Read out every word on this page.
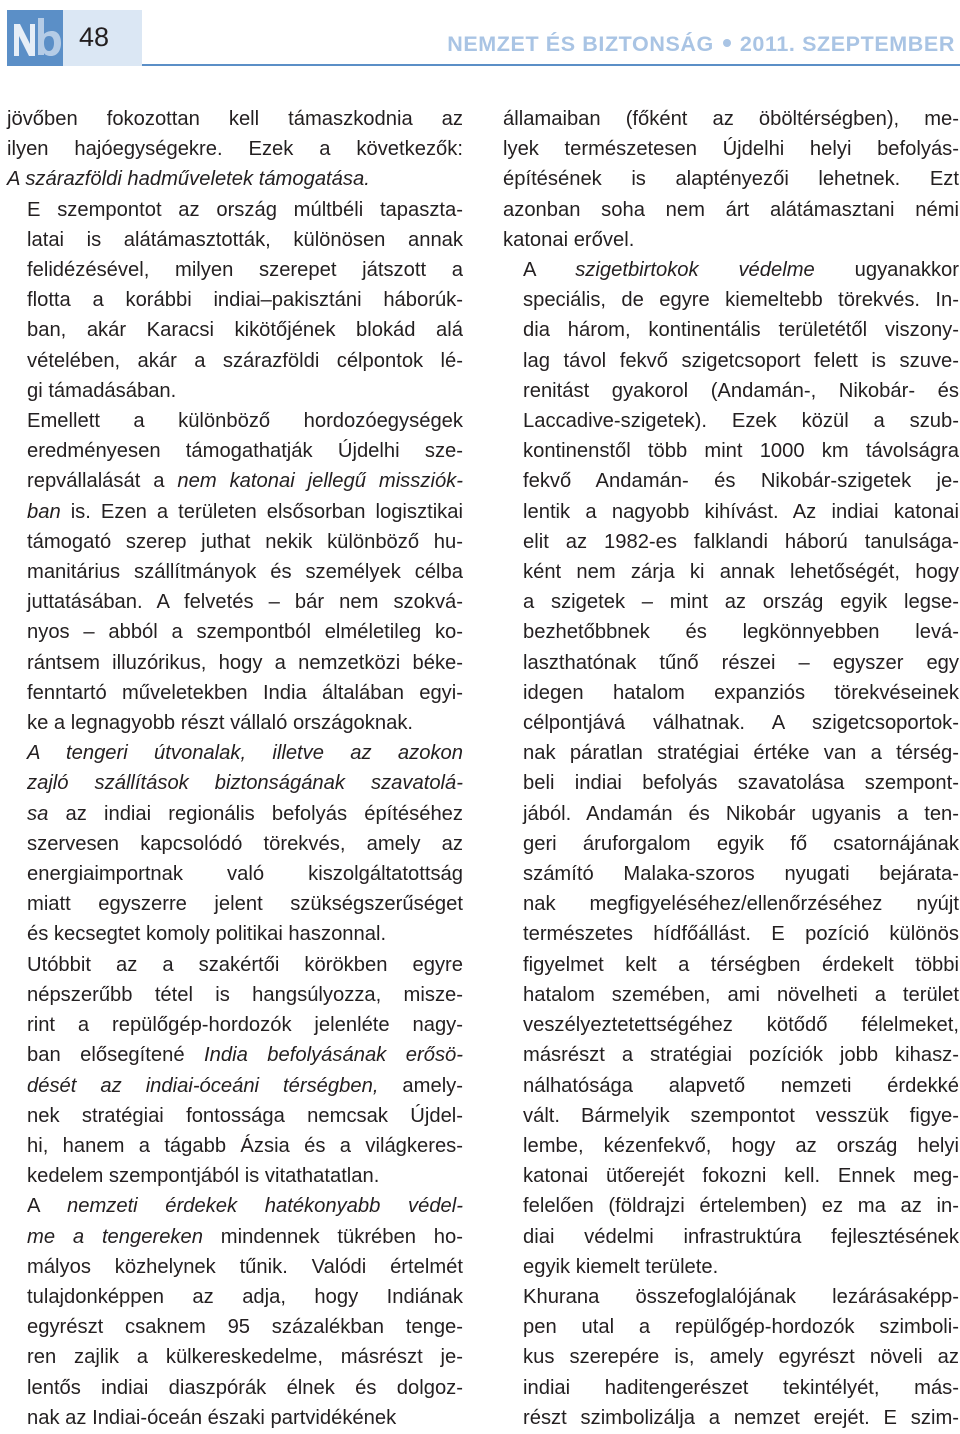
48	NEMZET ÉS BIZTONSÁG 2011. SZEPTEMBER

jövőben fokozottan kell támaszkodnia az
ilyen hajóegységekre. Ezek a következők:
A szárazföldi hadműveletek támogatása.

E szempontot az ország múltbéli tapaszta-
latai is alátámasztották, különösen annak
felidézésével, milyen szerepet játszott a
flotta a korábbi indiai–pakisztáni háborúk-
ban, akár Karacsi kikötőjének blokád alá
vételében, akár a szárazföldi célpontok lé-
gi támadásában.

Emellett a különböző hordozóegységek
eredményesen támogathatják Újdelhi sze-
repvállalását a nem katonai jellegű missziók-
ban is. Ezen a területen elsősorban logisztikai
támogató szerep juthat nekik különböző hu-
manitárius szállítmányok és személyek célba
juttatásában. A felvetés – bár nem szokvá-
nyos – abból a szempontból elméletileg ko-
rántsem illuzórikus, hogy a nemzetközi béke-
fenntartó műveletekben India általában egyi-
ke a legnagyobb részt vállaló országoknak.

A tengeri útvonalak, illetve az azokon
zajló szállítások biztonságának szavatolá-
sa az indiai regionális befolyás építéséhez
szervesen kapcsolódó törekvés, amely az
energiaimportnak való kiszolgáltatottság
miatt egyszerre jelent szükségszerűséget
és kecsegtet komoly politikai haszonnal.

Utóbbit az a szakértői körökben egyre
népszerűbb tétel is hangsúlyozza, misze-
rint a repülőgép-hordozók jelenléte nagy-
ban elősegítené India befolyásának erősö-
dését az indiai-óceáni térségben, amely-
nek stratégiai fontossága nemcsak Újdel-
hi, hanem a tágabb Ázsia és a világkeres-
kedelem szempontjából is vitathatatlan.

A nemzeti érdekek hatékonyabb védel-
me a tengereken mindennek tükrében ho-
mályos közhelynek tűnik. Valódi értelmét
tulajdonképpen az adja, hogy Indiának
egyrészt csaknem 95 százalékban tenge-
ren zajlik a külkereskedelme, másrészt je-
lentős indiai diaszpórák élnek és dolgoz-
nak az Indiai-óceán északi partvidékének

államaiban (főként az öböltérségben), me-
lyek természetesen Újdelhi helyi befolyás-
építésének is alaptényezői lehetnek. Ezt
azonban soha nem árt alátámasztani némi
katonai erővel.

A szigetbirtokok védelme ugyanakkor
speciális, de egyre kiemeltebb törekvés. In-
dia három, kontinentális területétől viszony-
lag távol fekvő szigetcsoport felett is szuve-
renitást gyakorol (Andamán-, Nikobár- és
Laccadive-szigetek). Ezek közül a szub-
kontinenstől több mint 1000 km távolságra
fekvő Andamán- és Nikobár-szigetek je-
lentik a nagyobb kihívást. Az indiai katonai
elit az 1982-es falklandi háború tanulsága-
ként nem zárja ki annak lehetőségét, hogy
a szigetek – mint az ország egyik legse-
bezhetőbbnek és legkönnyebben levá-
laszthatónak tűnő részei – egyszer egy
idegen hatalom expanziós törekvéseinek
célpontjává válhatnak. A szigetcsoportok-
nak páratlan stratégiai értéke van a térség-
beli indiai befolyás szavatolása szempont-
jából. Andamán és Nikobár ugyanis a ten-
geri áruforgalom egyik fő csatornájának
számító Malaka-szoros nyugati bejárata-
nak megfigyeléséhez/ellenőrzéséhez nyújt
természetes hídfőállást. E pozíció különös
figyelmet kelt a térségben érdekelt többi
hatalom szemében, ami növelheti a terület
veszélyeztetettségéhez kötődő félelmeket,
másrészt a stratégiai pozíciók jobb kihasz-
nálhatósága alapvető nemzeti érdekké
vált. Bármelyik szempontot vesszük figye-
lembe, kézenfekvő, hogy az ország helyi
katonai ütőerejét fokozni kell. Ennek meg-
felelően (földrajzi értelemben) ez ma az in-
diai védelmi infrastruktúra fejlesztésének
egyik kiemelt területe.

Khurana összefoglalójának lezárásaképp-
pen utal a repülőgép-hordozók szimboli-
kus szerepére is, amely egyrészt növeli az
indiai haditengerészet tekintélyét, más-
részt szimbolizálja a nemzet erejét. E szim-
